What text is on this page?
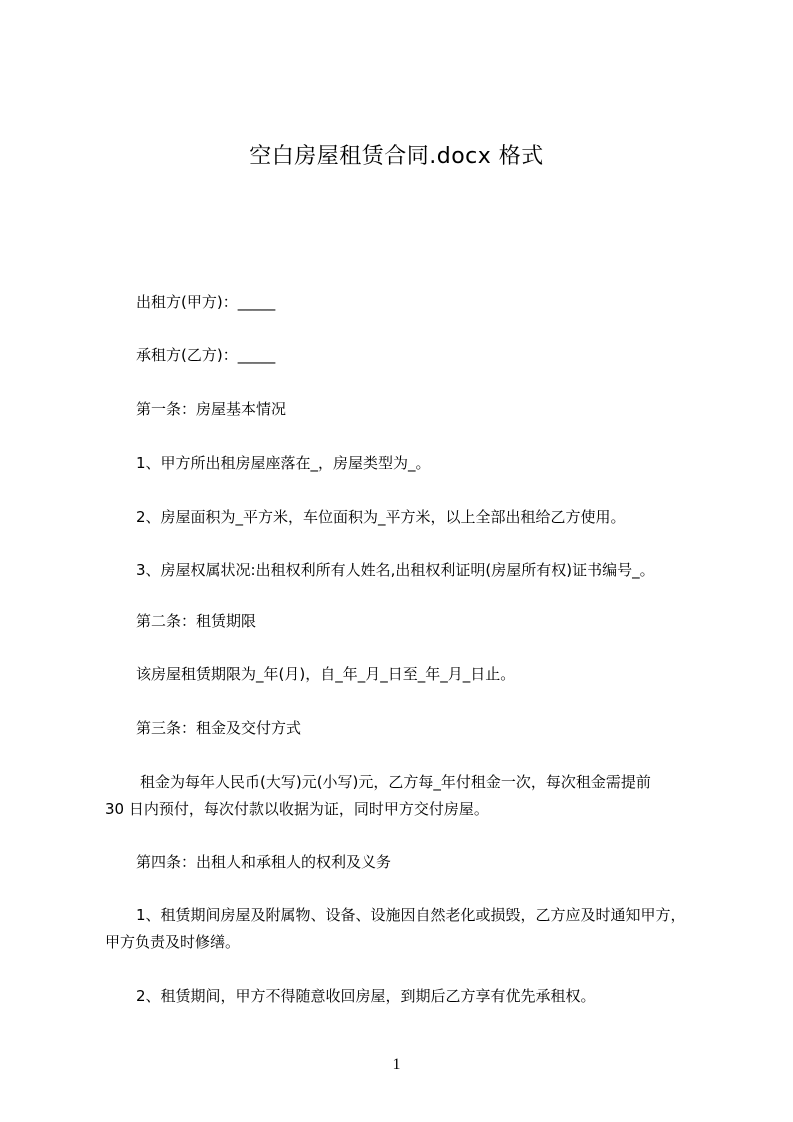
空白房屋租赁合同.docx 格式
出租方(甲方)：_____
承租方(乙方)：_____
第一条：房屋基本情况
1、甲方所出租房屋座落在_，房屋类型为_。
2、房屋面积为_平方米，车位面积为_平方米，以上全部出租给乙方使用。
3、房屋权属状况:出租权利所有人姓名,出租权利证明(房屋所有权)证书编号_。
第二条：租赁期限
该房屋租赁期限为_年(月)，自_年_月_日至_年_月_日止。
第三条：租金及交付方式
租金为每年人民币(大写)元(小写)元，乙方每_年付租金一次，每次租金需提前
30 日内预付，每次付款以收据为证，同时甲方交付房屋。
第四条：出租人和承租人的权利及义务
1、租赁期间房屋及附属物、设备、设施因自然老化或损毁，乙方应及时通知甲方，
甲方负责及时修缮。
2、租赁期间，甲方不得随意收回房屋，到期后乙方享有优先承租权。
1
